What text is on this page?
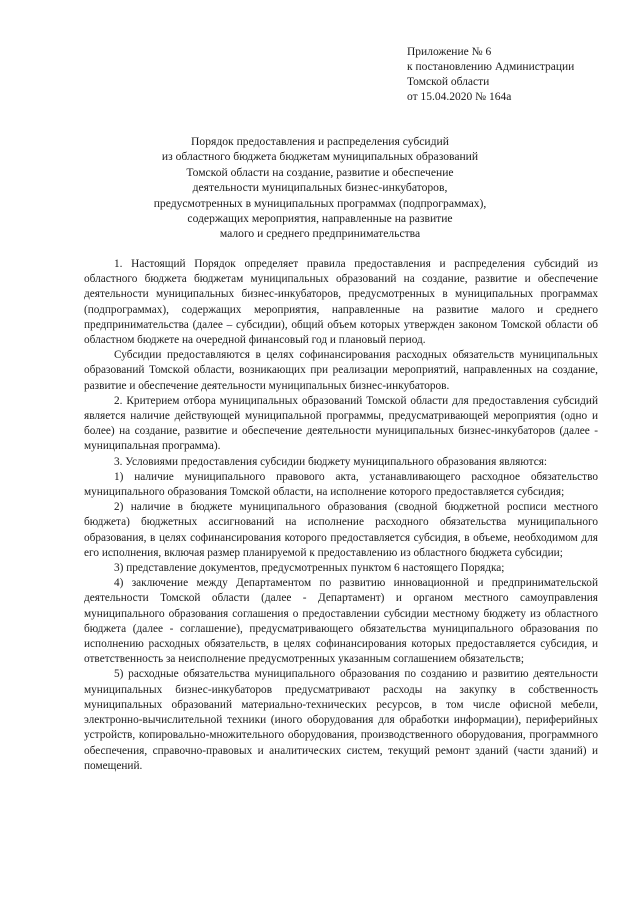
Приложение № 6
к постановлению Администрации
Томской области
от 15.04.2020 № 164а
Порядок предоставления и распределения субсидий
из областного бюджета бюджетам муниципальных образований
Томской области на создание, развитие и обеспечение
деятельности муниципальных бизнес-инкубаторов,
предусмотренных в муниципальных программах (подпрограммах),
содержащих мероприятия, направленные на развитие
малого и среднего предпринимательства

1. Настоящий Порядок определяет правила предоставления и распределения субсидий из областного бюджета бюджетам муниципальных образований на создание, развитие и обеспечение деятельности муниципальных бизнес-инкубаторов, предусмотренных в муниципальных программах (подпрограммах), содержащих мероприятия, направленные на развитие малого и среднего предпринимательства (далее – субсидии), общий объем которых утвержден законом Томской области об областном бюджете на очередной финансовый год и плановый период.

Субсидии предоставляются в целях софинансирования расходных обязательств муниципальных образований Томской области, возникающих при реализации мероприятий, направленных на создание, развитие и обеспечение деятельности муниципальных бизнес-инкубаторов.

2. Критерием отбора муниципальных образований Томской области для предоставления субсидий является наличие действующей муниципальной программы, предусматривающей мероприятия (одно и более) на создание, развитие и обеспечение деятельности муниципальных бизнес-инкубаторов (далее - муниципальная программа).

3. Условиями предоставления субсидии бюджету муниципального образования являются:

1) наличие муниципального правового акта, устанавливающего расходное обязательство муниципального образования Томской области, на исполнение которого предоставляется субсидия;

2) наличие в бюджете муниципального образования (сводной бюджетной росписи местного бюджета) бюджетных ассигнований на исполнение расходного обязательства муниципального образования, в целях софинансирования которого предоставляется субсидия, в объеме, необходимом для его исполнения, включая размер планируемой к предоставлению из областного бюджета субсидии;

3) представление документов, предусмотренных пунктом 6 настоящего Порядка;

4) заключение между Департаментом по развитию инновационной и предпринимательской деятельности Томской области (далее - Департамент) и органом местного самоуправления муниципального образования соглашения о предоставлении субсидии местному бюджету из областного бюджета (далее - соглашение), предусматривающего обязательства муниципального образования по исполнению расходных обязательств, в целях софинансирования которых предоставляется субсидия, и ответственность за неисполнение предусмотренных указанным соглашением обязательств;

5) расходные обязательства муниципального образования по созданию и развитию деятельности муниципальных бизнес-инкубаторов предусматривают расходы на закупку в собственность муниципальных образований материально-технических ресурсов, в том числе офисной мебели, электронно-вычислительной техники (иного оборудования для обработки информации), периферийных устройств, копировально-множительного оборудования, производственного оборудования, программного обеспечения, справочно-правовых и аналитических систем, текущий ремонт зданий (части зданий) и помещений.
